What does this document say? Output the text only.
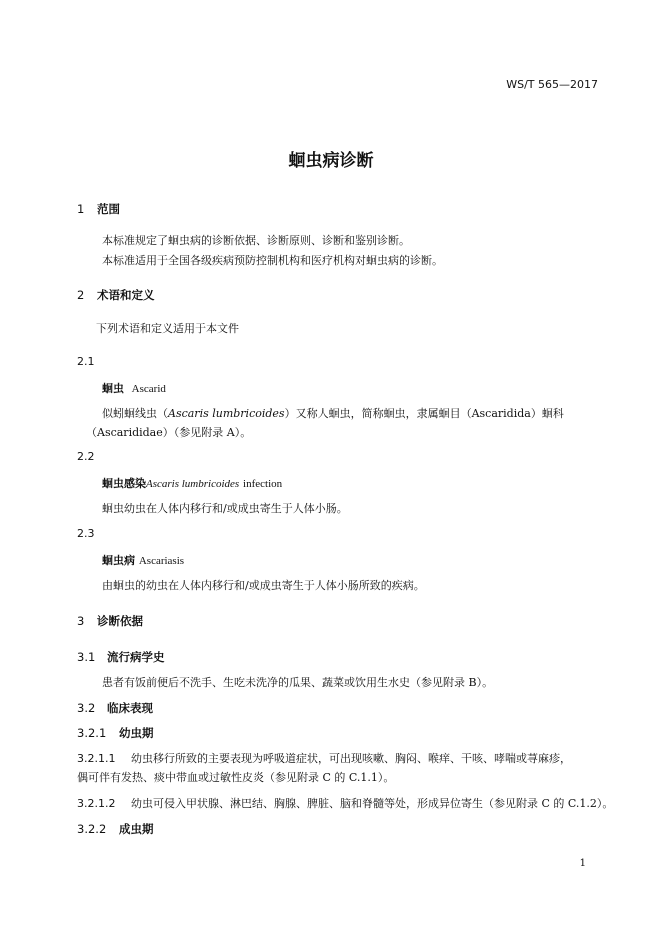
WS/T 565—2017
蛔虫病诊断
1 范围
本标准规定了蛔虫病的诊断依据、诊断原则、诊断和鉴别诊断。
本标准适用于全国各级疾病预防控制机构和医疗机构对蛔虫病的诊断。
2 术语和定义
下列术语和定义适用于本文件
2.1
蛔虫 Ascarid
似蚓蛔线虫（Ascaris lumbricoides）又称人蛔虫，简称蛔虫，隶属蛔目（Ascaridida）蛔科
（Ascarididae）（参见附录 A）。
2.2
蛔虫感染Ascaris lumbricoides infection
蛔虫幼虫在人体内移行和/或成虫寄生于人体小肠。
2.3
蛔虫病 Ascariasis
由蛔虫的幼虫在人体内移行和/或成虫寄生于人体小肠所致的疾病。
3 诊断依据
3.1 流行病学史
患者有饭前便后不洗手、生吃未洗净的瓜果、蔬菜或饮用生水史（参见附录 B）。
3.2 临床表现
3.2.1 幼虫期
3.2.1.1 幼虫移行所致的主要表现为呼吸道症状，可出现咳嗽、胸闷、喉痒、干咳、哮喘或荨麻疹，
偶可伴有发热、痰中带血或过敏性皮炎（参见附录 C 的 C.1.1）。
3.2.1.2 幼虫可侵入甲状腺、淋巴结、胸腺、脾脏、脑和脊髓等处，形成异位寄生（参见附录 C 的 C.1.2）。
3.2.2 成虫期
1
